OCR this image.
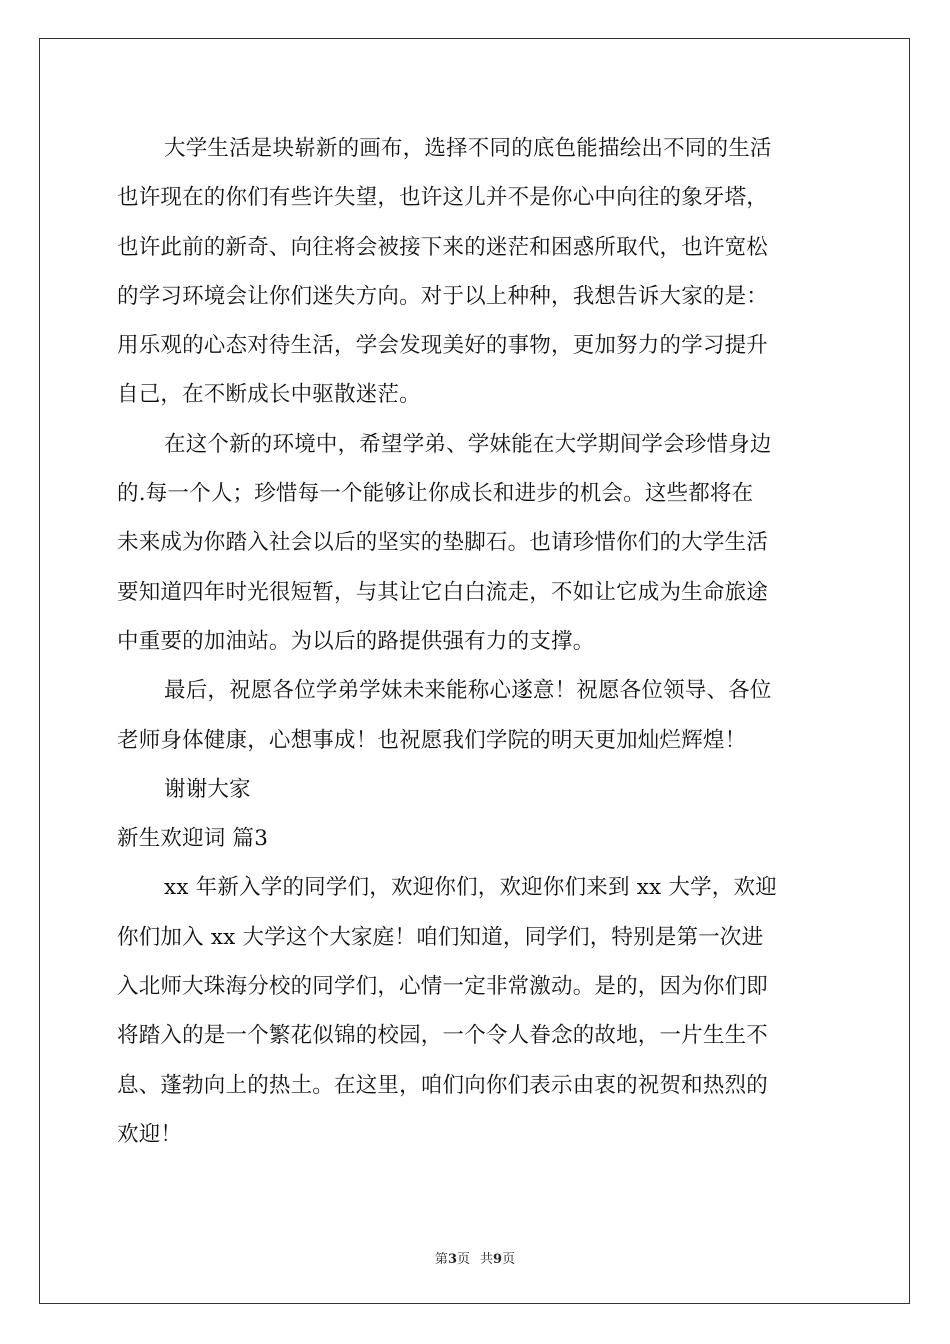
大学生活是块崭新的画布，选择不同的底色能描绘出不同的生活
也许现在的你们有些许失望，也许这儿并不是你心中向往的象牙塔，
也许此前的新奇、向往将会被接下来的迷茫和困惑所取代，也许宽松
的学习环境会让你们迷失方向。对于以上种种，我想告诉大家的是：
用乐观的心态对待生活，学会发现美好的事物，更加努力的学习提升
自己，在不断成长中驱散迷茫。
在这个新的环境中，希望学弟、学妹能在大学期间学会珍惜身边
的.每一个人；珍惜每一个能够让你成长和进步的机会。这些都将在
未来成为你踏入社会以后的坚实的垫脚石。也请珍惜你们的大学生活
要知道四年时光很短暂，与其让它白白流走，不如让它成为生命旅途
中重要的加油站。为以后的路提供强有力的支撑。
最后，祝愿各位学弟学妹未来能称心遂意！祝愿各位领导、各位
老师身体健康，心想事成！也祝愿我们学院的明天更加灿烂辉煌！
谢谢大家
新生欢迎词 篇3
xx 年新入学的同学们，欢迎你们，欢迎你们来到 xx 大学，欢迎
你们加入 xx 大学这个大家庭！咱们知道，同学们，特别是第一次进
入北师大珠海分校的同学们，心情一定非常激动。是的，因为你们即
将踏入的是一个繁花似锦的校园，一个令人眷念的故地，一片生生不
息、蓬勃向上的热土。在这里，咱们向你们表示由衷的祝贺和热烈的
欢迎！
第3页 共9页
